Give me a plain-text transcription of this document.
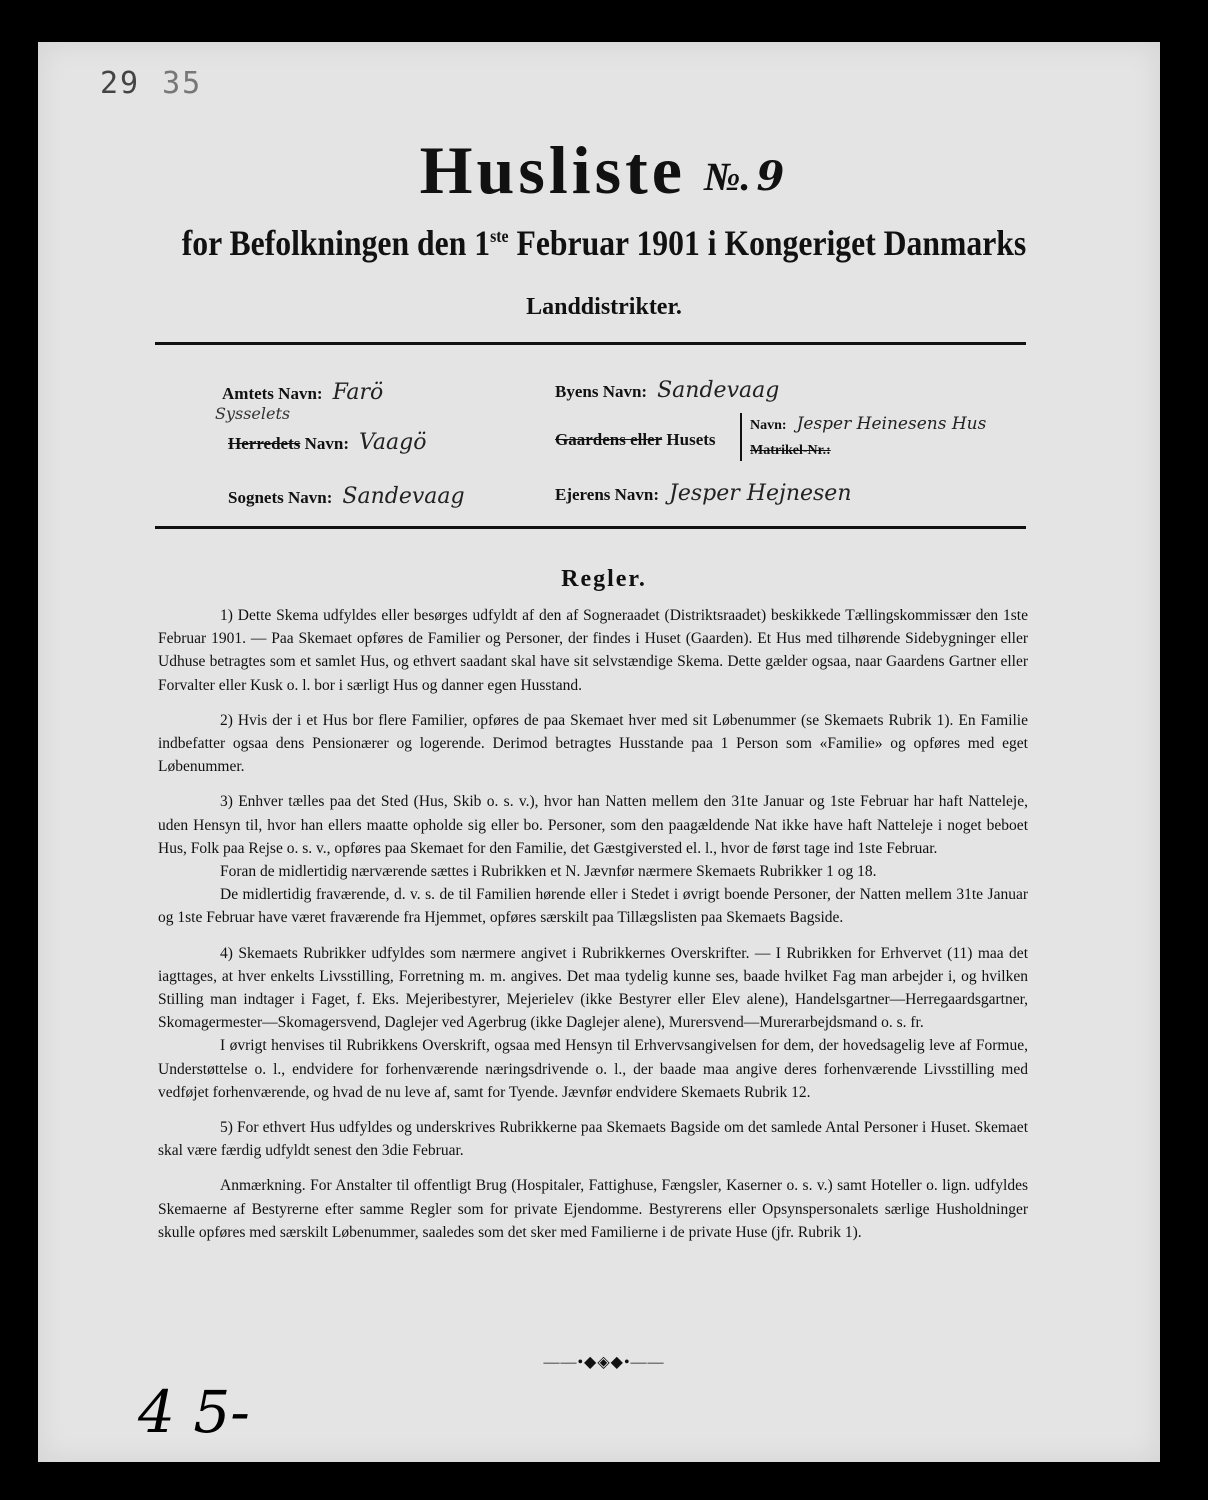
29 35
Husliste №. 9
for Befolkningen den 1ste Februar 1901 i Kongeriget Danmarks
Landdistrikter.
Amtets Navn: Farö
Sysselets
Herredets Navn: Vaagö
Sognets Navn: Sandevaag
Byens Navn: Sandevaag
Gaardens eller Husets
Navn: Jesper Heinesens Hus
Matrikel-Nr.:
Ejerens Navn: Jesper Hejnesen
Regler.

1) Dette Skema udfyldes eller besørges udfyldt af den af Sogneraadet (Distriktsraadet) beskikkede Tællingskommissær den 1ste Februar 1901. — Paa Skemaet opføres de Familier og Personer, der findes i Huset (Gaarden). Et Hus med tilhørende Sidebygninger eller Udhuse betragtes som et samlet Hus, og ethvert saadant skal have sit selvstændige Skema. Dette gælder ogsaa, naar Gaardens Gartner eller Forvalter eller Kusk o. l. bor i særligt Hus og danner egen Husstand.

2) Hvis der i et Hus bor flere Familier, opføres de paa Skemaet hver med sit Løbenummer (se Skemaets Rubrik 1). En Familie indbefatter ogsaa dens Pensionærer og logerende. Derimod betragtes Husstande paa 1 Person som «Familie» og opføres med eget Løbenummer.

3) Enhver tælles paa det Sted (Hus, Skib o. s. v.), hvor han Natten mellem den 31te Januar og 1ste Februar har haft Natteleje, uden Hensyn til, hvor han ellers maatte opholde sig eller bo. Personer, som den paagældende Nat ikke have haft Natteleje i noget beboet Hus, Folk paa Rejse o. s. v., opføres paa Skemaet for den Familie, det Gæstgiversted el. l., hvor de først tage ind 1ste Februar.

Foran de midlertidig nærværende sættes i Rubrikken et N. Jævnfør nærmere Skemaets Rubrikker 1 og 18.

De midlertidig fraværende, d. v. s. de til Familien hørende eller i Stedet i øvrigt boende Personer, der Natten mellem 31te Januar og 1ste Februar have været fraværende fra Hjemmet, opføres særskilt paa Tillægslisten paa Skemaets Bagside.

4) Skemaets Rubrikker udfyldes som nærmere angivet i Rubrikkernes Overskrifter. — I Rubrikken for Erhvervet (11) maa det iagttages, at hver enkelts Livsstilling, Forretning m. m. angives. Det maa tydelig kunne ses, baade hvilket Fag man arbejder i, og hvilken Stilling man indtager i Faget, f. Eks. Mejeribestyrer, Mejerielev (ikke Bestyrer eller Elev alene), Handelsgartner—Herregaardsgartner, Skomagermester—Skomagersvend, Daglejer ved Agerbrug (ikke Daglejer alene), Murersvend—Murerarbejdsmand o. s. fr.

I øvrigt henvises til Rubrikkens Overskrift, ogsaa med Hensyn til Erhvervsangivelsen for dem, der hovedsagelig leve af Formue, Understøttelse o. l., endvidere for forhenværende næringsdrivende o. l., der baade maa angive deres forhenværende Livsstilling med vedføjet forhenværende, og hvad de nu leve af, samt for Tyende. Jævnfør endvidere Skemaets Rubrik 12.

5) For ethvert Hus udfyldes og underskrives Rubrikkerne paa Skemaets Bagside om det samlede Antal Personer i Huset. Skemaet skal være færdig udfyldt senest den 3die Februar.

Anmærkning. For Anstalter til offentligt Brug (Hospitaler, Fattighuse, Fængsler, Kaserner o. s. v.) samt Hoteller o. lign. udfyldes Skemaerne af Bestyrerne efter samme Regler som for private Ejendomme. Bestyrerens eller Opsynspersonalets særlige Husholdninger skulle opføres med særskilt Løbenummer, saaledes som det sker med Familierne i de private Huse (jfr. Rubrik 1).

——•◆◈◆•——
4 5-
